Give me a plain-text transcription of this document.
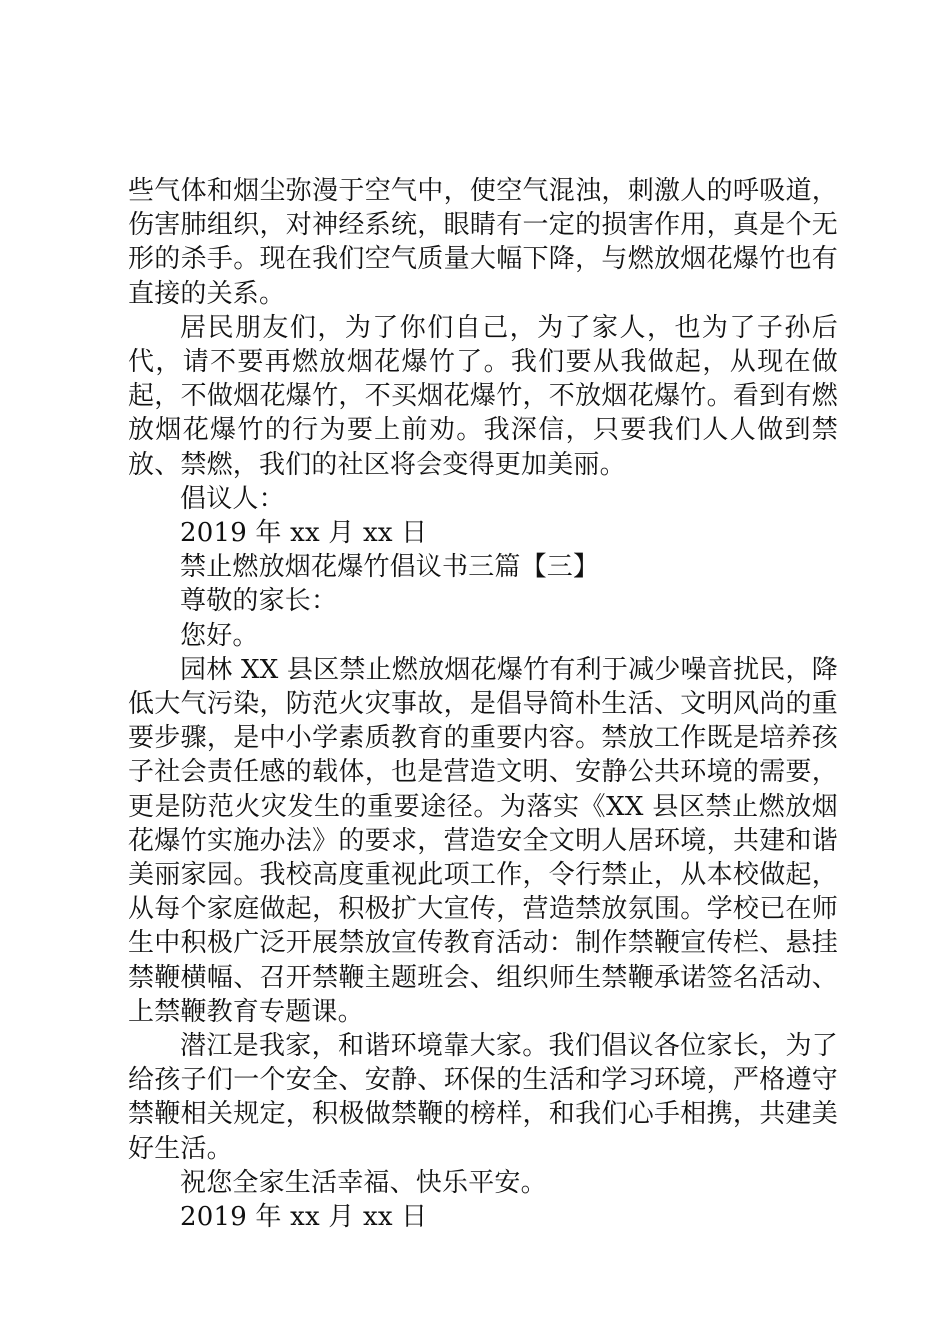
些气体和烟尘弥漫于空气中，使空气混浊，刺激人的呼吸道，伤害肺组织，对神经系统，眼睛有一定的损害作用，真是个无形的杀手。现在我们空气质量大幅下降，与燃放烟花爆竹也有直接的关系。

居民朋友们，为了你们自己，为了家人，也为了子孙后代，请不要再燃放烟花爆竹了。我们要从我做起，从现在做起，不做烟花爆竹，不买烟花爆竹，不放烟花爆竹。看到有燃放烟花爆竹的行为要上前劝。我深信，只要我们人人做到禁放、禁燃，我们的社区将会变得更加美丽。

倡议人：

2019 年 xx 月 xx 日

禁止燃放烟花爆竹倡议书三篇【三】

尊敬的家长：

您好。

园林 XX 县区禁止燃放烟花爆竹有利于减少噪音扰民，降低大气污染，防范火灾事故，是倡导简朴生活、文明风尚的重要步骤，是中小学素质教育的重要内容。禁放工作既是培养孩子社会责任感的载体，也是营造文明、安静公共环境的需要，更是防范火灾发生的重要途径。为落实《XX 县区禁止燃放烟花爆竹实施办法》的要求，营造安全文明人居环境，共建和谐美丽家园。我校高度重视此项工作，令行禁止，从本校做起，从每个家庭做起，积极扩大宣传，营造禁放氛围。学校已在师生中积极广泛开展禁放宣传教育活动：制作禁鞭宣传栏、悬挂禁鞭横幅、召开禁鞭主题班会、组织师生禁鞭承诺签名活动、上禁鞭教育专题课。

潜江是我家，和谐环境靠大家。我们倡议各位家长，为了给孩子们一个安全、安静、环保的生活和学习环境，严格遵守禁鞭相关规定，积极做禁鞭的榜样，和我们心手相携，共建美好生活。

祝您全家生活幸福、快乐平安。

2019 年 xx 月 xx 日
